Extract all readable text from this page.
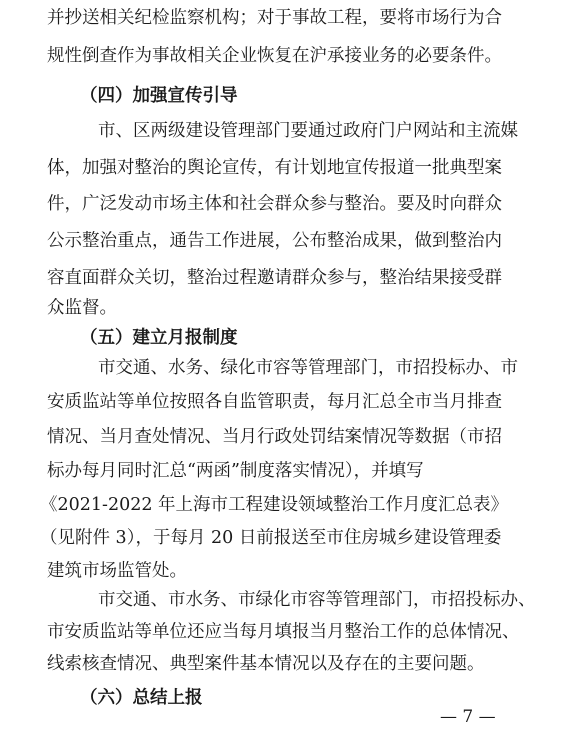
并抄送相关纪检监察机构；对于事故工程，要将市场行为合
规性倒查作为事故相关企业恢复在沪承接业务的必要条件。
（四）加强宣传引导
市、区两级建设管理部门要通过政府门户网站和主流媒
体，加强对整治的舆论宣传，有计划地宣传报道一批典型案
件，广泛发动市场主体和社会群众参与整治。要及时向群众
公示整治重点，通告工作进展，公布整治成果，做到整治内
容直面群众关切，整治过程邀请群众参与，整治结果接受群
众监督。
（五）建立月报制度
市交通、水务、绿化市容等管理部门，市招投标办、市
安质监站等单位按照各自监管职责，每月汇总全市当月排查
情况、当月查处情况、当月行政处罚结案情况等数据（市招
标办每月同时汇总“两函”制度落实情况），并填写
《2021-2022 年上海市工程建设领域整治工作月度汇总表》
（见附件 3），于每月 20 日前报送至市住房城乡建设管理委
建筑市场监管处。
市交通、市水务、市绿化市容等管理部门，市招投标办、
市安质监站等单位还应当每月填报当月整治工作的总体情况、
线索核查情况、典型案件基本情况以及存在的主要问题。
（六）总结上报
— 7 —
